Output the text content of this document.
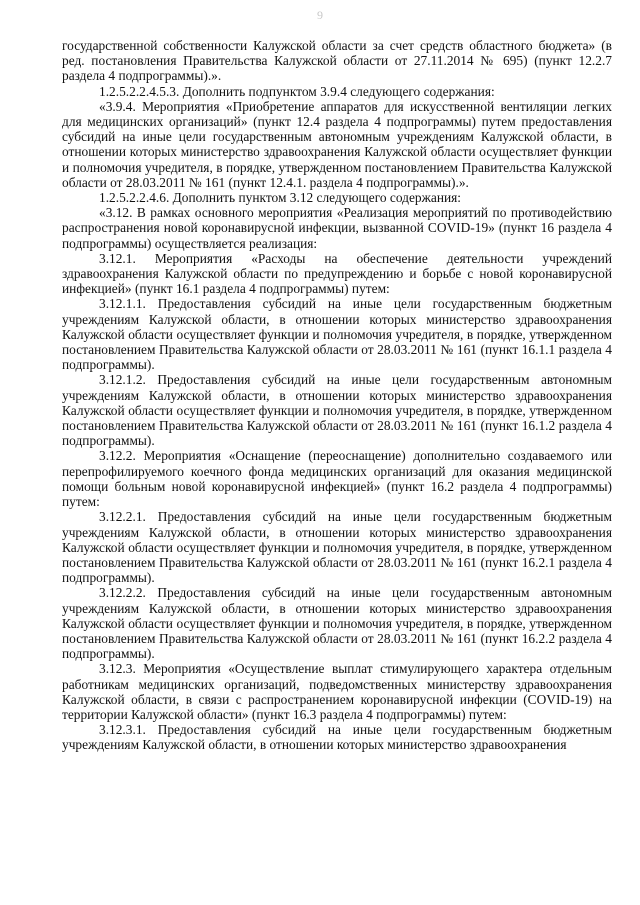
9

государственной собственности Калужской области за счет средств областного бюджета» (в ред. постановления Правительства Калужской области от 27.11.2014 № 695) (пункт 12.2.7 раздела 4 подпрограммы).».

1.2.5.2.2.4.5.3. Дополнить подпунктом 3.9.4 следующего содержания:

«3.9.4. Мероприятия «Приобретение аппаратов для искусственной вентиляции легких для медицинских организаций» (пункт 12.4 раздела 4 подпрограммы) путем предоставления субсидий на иные цели государственным автономным учреждениям Калужской области, в отношении которых министерство здравоохранения Калужской области осуществляет функции и полномочия учредителя, в порядке, утвержденном постановлением Правительства Калужской области от 28.03.2011 № 161 (пункт 12.4.1. раздела 4 подпрограммы).».

1.2.5.2.2.4.6. Дополнить пунктом 3.12 следующего содержания:

«3.12. В рамках основного мероприятия «Реализация мероприятий по противодействию распространения новой коронавирусной инфекции, вызванной COVID-19» (пункт 16 раздела 4 подпрограммы) осуществляется реализация:

3.12.1. Мероприятия «Расходы на обеспечение деятельности учреждений здравоохранения Калужской области по предупреждению и борьбе с новой коронавирусной инфекцией» (пункт 16.1 раздела 4 подпрограммы) путем:

3.12.1.1. Предоставления субсидий на иные цели государственным бюджетным учреждениям Калужской области, в отношении которых министерство здравоохранения Калужской области осуществляет функции и полномочия учредителя, в порядке, утвержденном постановлением Правительства Калужской области от 28.03.2011 № 161 (пункт 16.1.1 раздела 4 подпрограммы).

3.12.1.2. Предоставления субсидий на иные цели государственным автономным учреждениям Калужской области, в отношении которых министерство здравоохранения Калужской области осуществляет функции и полномочия учредителя, в порядке, утвержденном постановлением Правительства Калужской области от 28.03.2011 № 161 (пункт 16.1.2 раздела 4 подпрограммы).

3.12.2. Мероприятия «Оснащение (переоснащение) дополнительно создаваемого или перепрофилируемого коечного фонда медицинских организаций для оказания медицинской помощи больным новой коронавирусной инфекцией» (пункт 16.2 раздела 4 подпрограммы) путем:

3.12.2.1. Предоставления субсидий на иные цели государственным бюджетным учреждениям Калужской области, в отношении которых министерство здравоохранения Калужской области осуществляет функции и полномочия учредителя, в порядке, утвержденном постановлением Правительства Калужской области от 28.03.2011 № 161 (пункт 16.2.1 раздела 4 подпрограммы).

3.12.2.2. Предоставления субсидий на иные цели государственным автономным учреждениям Калужской области, в отношении которых министерство здравоохранения Калужской области осуществляет функции и полномочия учредителя, в порядке, утвержденном постановлением Правительства Калужской области от 28.03.2011 № 161 (пункт 16.2.2 раздела 4 подпрограммы).

3.12.3. Мероприятия «Осуществление выплат стимулирующего характера отдельным работникам медицинских организаций, подведомственных министерству здравоохранения Калужской области, в связи с распространением коронавирусной инфекции (COVID-19) на территории Калужской области» (пункт 16.3 раздела 4 подпрограммы) путем:

3.12.3.1. Предоставления субсидий на иные цели государственным бюджетным учреждениям Калужской области, в отношении которых министерство здравоохранения
